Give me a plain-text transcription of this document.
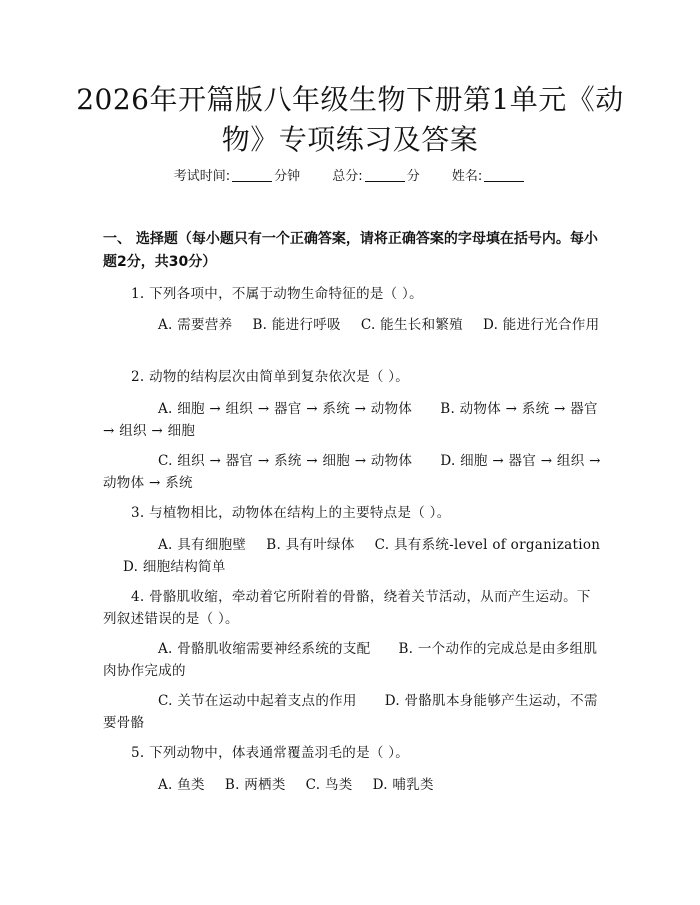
2026年开篇版八年级生物下册第1单元《动物》专项练习及答案
考试时间:	分钟 总分:	分 姓名:
一、 选择题（每小题只有一个正确答案，请将正确答案的字母填在括号内。每小题2分，共30分）
1. 下列各项中，不属于动物生命特征的是（ ）。
A. 需要营养 B. 能进行呼吸 C. 能生长和繁殖 D. 能进行光合作用
2. 动物的结构层次由简单到复杂依次是（ ）。
A. 细胞 → 组织 → 器官 → 系统 → 动物体 B. 动物体 → 系统 → 器官 → 组织 → 细胞
C. 组织 → 器官 → 系统 → 细胞 → 动物体 D. 细胞 → 器官 → 组织 → 动物体 → 系统
3. 与植物相比，动物体在结构上的主要特点是（ ）。
A. 具有细胞壁 B. 具有叶绿体 C. 具有系统-level of organizationD. 细胞结构简单
4. 骨骼肌收缩，牵动着它所附着的骨骼，绕着关节活动，从而产生运动。下列叙述错误的是（ ）。
A. 骨骼肌收缩需要神经系统的支配 B. 一个动作的完成总是由多组肌肉协作完成的
C. 关节在运动中起着支点的作用 D. 骨骼肌本身能够产生运动，不需要骨骼
5. 下列动物中，体表通常覆盖羽毛的是（ ）。
A. 鱼类 B. 两栖类 C. 鸟类 D. 哺乳类
